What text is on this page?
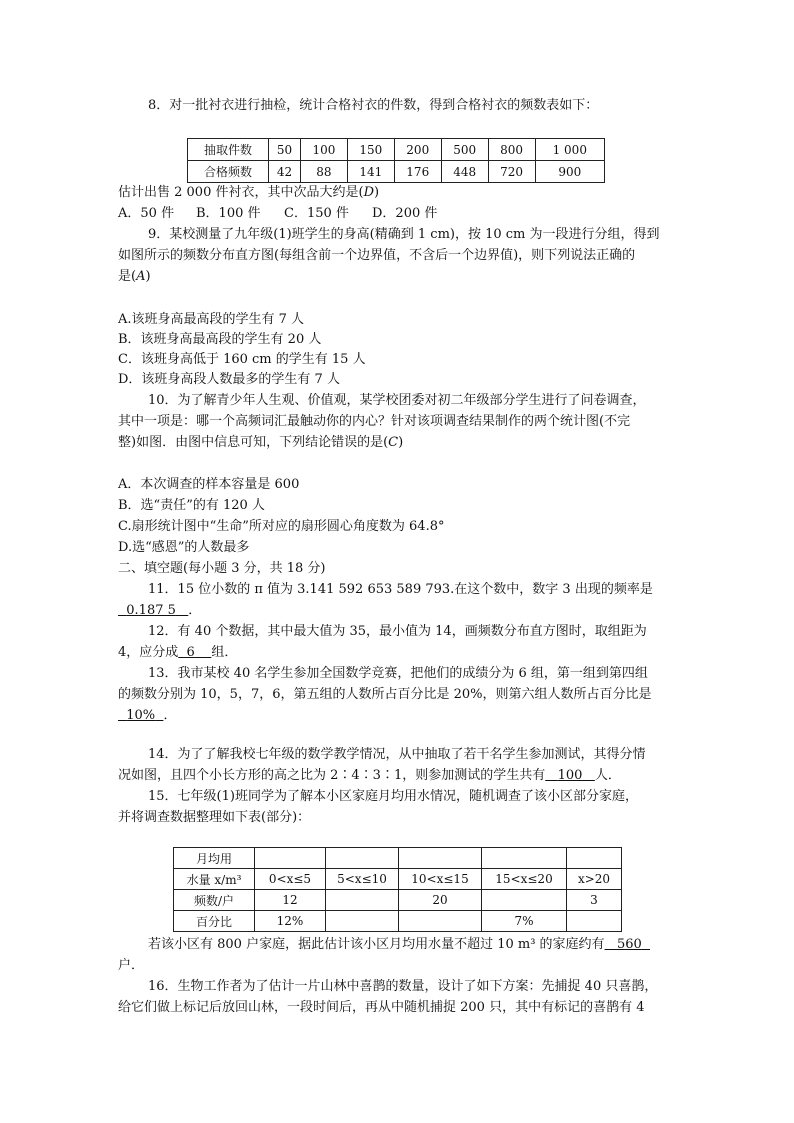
8．对一批衬衣进行抽检，统计合格衬衣的件数，得到合格衬衣的频数表如下：
抽取件数	50	100	150	200	500	800	1 000
合格频数	42	88	141	176	448	720	900
估计出售 2 000 件衬衣，其中次品大约是(D)
A．50 件 B．100 件 C．150 件 D．200 件
9．某校测量了九年级(1)班学生的身高(精确到 1 cm)，按 10 cm 为一段进行分组，得到
如图所示的频数分布直方图(每组含前一个边界值，不含后一个边界值)，则下列说法正确的
是(A)
A.该班身高最高段的学生有 7 人
B．该班身高最高段的学生有 20 人
C．该班身高低于 160 cm 的学生有 15 人
D．该班身高段人数最多的学生有 7 人
10．为了解青少年人生观、价值观，某学校团委对初二年级部分学生进行了问卷调查，
其中一项是：哪一个高频词汇最触动你的内心？针对该项调查结果制作的两个统计图(不完
整)如图．由图中信息可知，下列结论错误的是(C)
A．本次调查的样本容量是 600
B．选“责任”的有 120 人
C.扇形统计图中“生命”所对应的扇形圆心角度数为 64.8°
D.选“感恩”的人数最多
二、填空题(每小题 3 分，共 18 分)
11．15 位小数的 π 值为 3.141 592 653 589 793.在这个数中，数字 3 出现的频率是
0.187 5 ．
12．有 40 个数据，其中最大值为 35，最小值为 14，画频数分布直方图时，取组距为
4，应分成 6 组．
13．我市某校 40 名学生参加全国数学竞赛，把他们的成绩分为 6 组，第一组到第四组
的频数分别为 10，5，7，6，第五组的人数所占百分比是 20%，则第六组人数所占百分比是
10% ．
14．为了了解我校七年级的数学教学情况，从中抽取了若干名学生参加测试，其得分情
况如图，且四个小长方形的高之比为 2∶4∶3∶1，则参加测试的学生共有 100 人．
15．七年级(1)班同学为了解本小区家庭月均用水情况，随机调查了该小区部分家庭，
并将调查数据整理如下表(部分)：
月均用					
水量 x/m³	0<x≤5	5<x≤10	10<x≤15	15<x≤20	x>20
频数/户	12		20		3
百分比	12%			7%	
若该小区有 800 户家庭，据此估计该小区月均用水量不超过 10 m³ 的家庭约有 560
户．
16．生物工作者为了估计一片山林中喜鹊的数量，设计了如下方案：先捕捉 40 只喜鹊，
给它们做上标记后放回山林，一段时间后，再从中随机捕捉 200 只，其中有标记的喜鹊有 4
